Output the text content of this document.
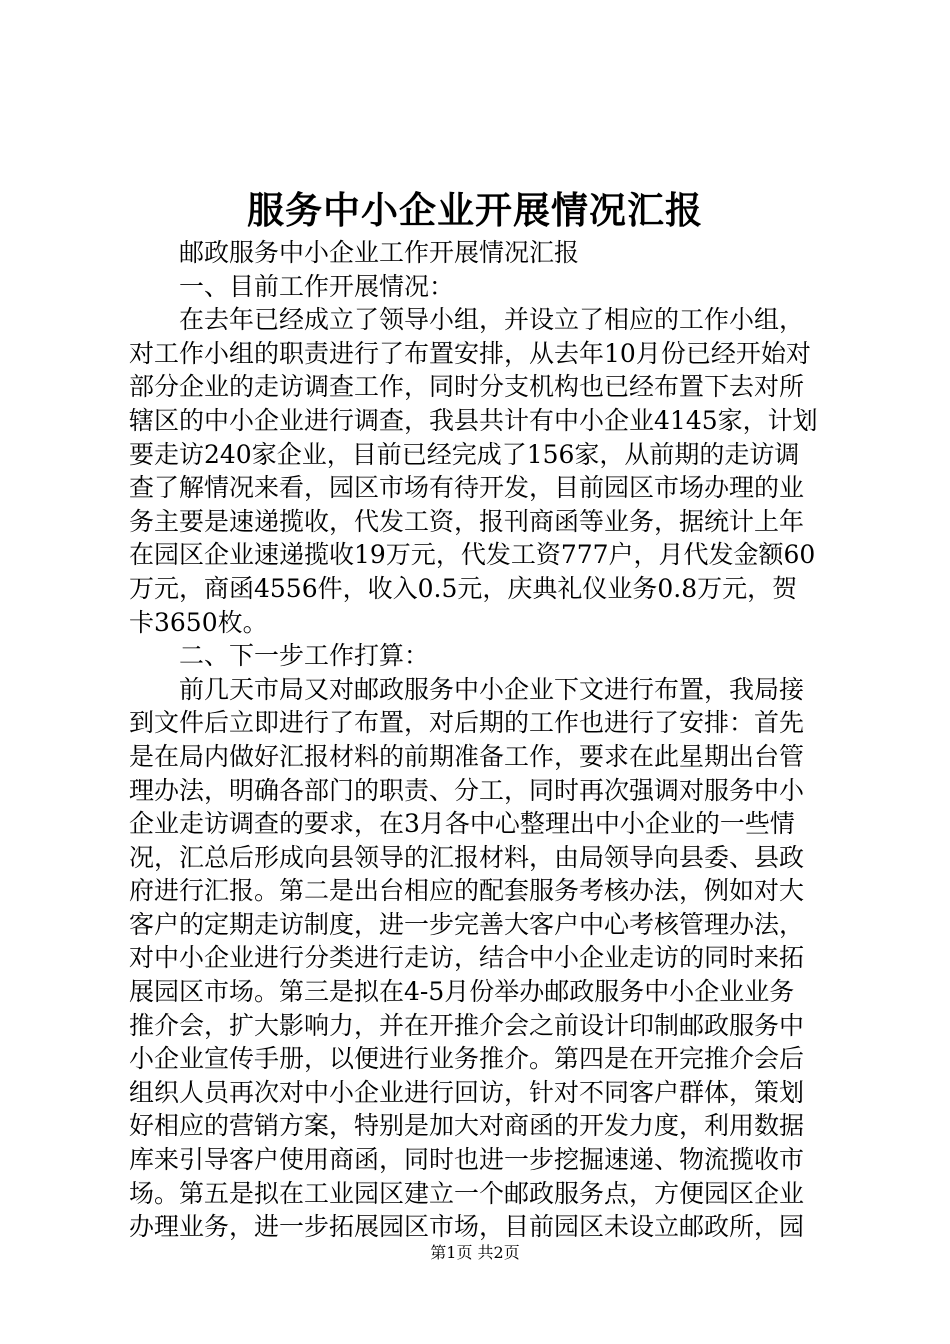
服务中小企业开展情况汇报
邮政服务中小企业工作开展情况汇报
一、目前工作开展情况：
在去年已经成立了领导小组，并设立了相应的工作小组，
对工作小组的职责进行了布置安排，从去年10月份已经开始对
部分企业的走访调查工作，同时分支机构也已经布置下去对所
辖区的中小企业进行调查，我县共计有中小企业4145家，计划
要走访240家企业，目前已经完成了156家，从前期的走访调
查了解情况来看，园区市场有待开发，目前园区市场办理的业
务主要是速递揽收，代发工资，报刊商函等业务，据统计上年
在园区企业速递揽收19万元，代发工资777户，月代发金额60
万元，商函4556件，收入0.5元，庆典礼仪业务0.8万元，贺
卡3650枚。
二、下一步工作打算：
前几天市局又对邮政服务中小企业下文进行布置，我局接
到文件后立即进行了布置，对后期的工作也进行了安排：首先
是在局内做好汇报材料的前期准备工作，要求在此星期出台管
理办法，明确各部门的职责、分工，同时再次强调对服务中小
企业走访调查的要求，在3月各中心整理出中小企业的一些情
况，汇总后形成向县领导的汇报材料，由局领导向县委、县政
府进行汇报。第二是出台相应的配套服务考核办法，例如对大
客户的定期走访制度，进一步完善大客户中心考核管理办法，
对中小企业进行分类进行走访，结合中小企业走访的同时来拓
展园区市场。第三是拟在4-5月份举办邮政服务中小企业业务
推介会，扩大影响力，并在开推介会之前设计印制邮政服务中
小企业宣传手册，以便进行业务推介。第四是在开完推介会后
组织人员再次对中小企业进行回访，针对不同客户群体，策划
好相应的营销方案，特别是加大对商函的开发力度，利用数据
库来引导客户使用商函，同时也进一步挖掘速递、物流揽收市
场。第五是拟在工业园区建立一个邮政服务点，方便园区企业
办理业务，进一步拓展园区市场，目前园区未设立邮政所，园
第1页 共2页
